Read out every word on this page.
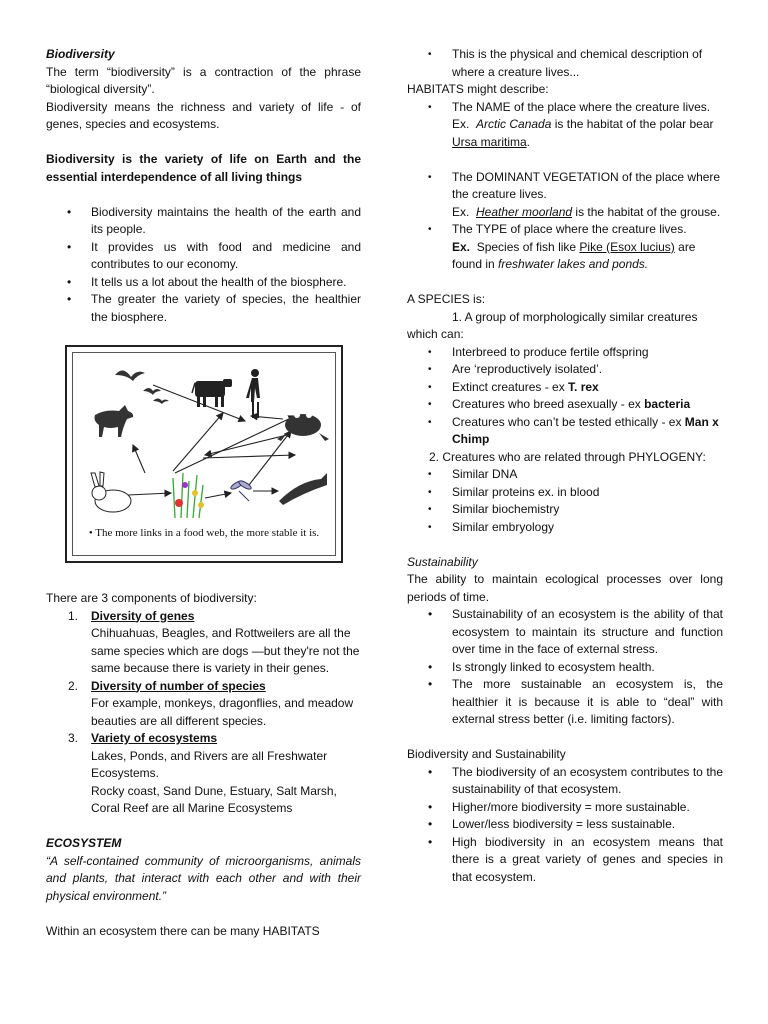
Biodiversity

The term “biodiversity” is a contraction of the phrase “biological diversity”.

Biodiversity means the richness and variety of life - of genes, species and ecosystems.

Biodiversity is the variety of life on Earth and the essential interdependence of all living things

• Biodiversity maintains the health of the earth and its people.
• It provides us with food and medicine and contributes to our economy.
• It tells us a lot about the health of the biosphere.
• The greater the variety of species, the healthier the biosphere.
• The more links in a food web, the more stable it is.

There are 3 components of biodiversity:

1. Diversity of genes

Chihuahuas, Beagles, and Rottweilers are all the same species which are dogs —but they're not the same because there is variety in their genes.

2. Diversity of number of species

For example, monkeys, dragonflies, and meadow beauties are all different species.

3. Variety of ecosystems

Lakes, Ponds, and Rivers are all Freshwater Ecosystems.

Rocky coast, Sand Dune, Estuary, Salt Marsh, Coral Reef are all Marine Ecosystems

ECOSYSTEM

“A self-contained community of microorganisms, animals and plants, that interact with each other and with their physical environment.”

Within an ecosystem there can be many HABITATS

• This is the physical and chemical description of where a creature lives...

HABITATS might describe:

• The NAME of the place where the creature lives.

Ex. Arctic Canada is the habitat of the polar bear Ursa maritima.

• The DOMINANT VEGETATION of the place where the creature lives.

Ex. Heather moorland is the habitat of the grouse.

• The TYPE of place where the creature lives.

Ex. Species of fish like Pike (Esox lucius) are found in freshwater lakes and ponds.

A SPECIES is:

1. A group of morphologically similar creatures

which can:

• Interbreed to produce fertile offspring
• Are ‘reproductively isolated’.
• Extinct creatures - ex T. rex
• Creatures who breed asexually - ex bacteria
• Creatures who can’t be tested ethically - ex Man x Chimp

2. Creatures who are related through PHYLOGENY:

• Similar DNA
• Similar proteins ex. in blood
• Similar biochemistry
• Similar embryology

Sustainability

The ability to maintain ecological processes over long periods of time.

• Sustainability of an ecosystem is the ability of that ecosystem to maintain its structure and function over time in the face of external stress.
• Is strongly linked to ecosystem health.
• The more sustainable an ecosystem is, the healthier it is because it is able to “deal” with external stress better (i.e. limiting factors).

Biodiversity and Sustainability

• The biodiversity of an ecosystem contributes to the sustainability of that ecosystem.
• Higher/more biodiversity = more sustainable.
• Lower/less biodiversity = less sustainable.
• High biodiversity in an ecosystem means that there is a great variety of genes and species in that ecosystem.
